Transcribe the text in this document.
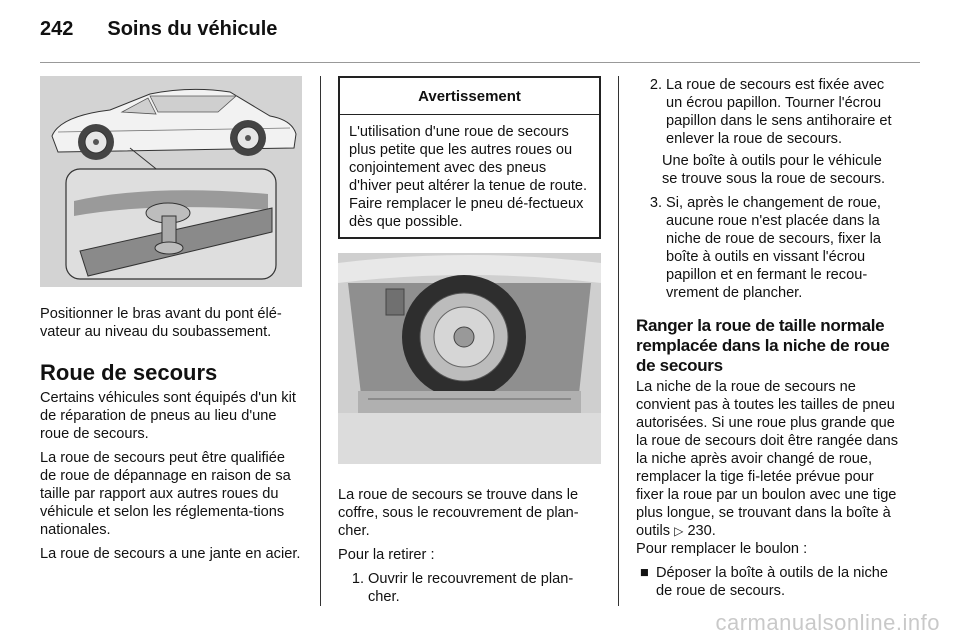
242 Soins du véhicule

Positionner le bras avant du pont élé-vateur au niveau du soubassement.

Roue de secours

Certains véhicules sont équipés d'un kit de réparation de pneus au lieu d'une roue de secours.

La roue de secours peut être qualifiée de roue de dépannage en raison de sa taille par rapport aux autres roues du véhicule et selon les réglementa-tions nationales.

La roue de secours a une jante en acier.

Avertissement
L'utilisation d'une roue de secours plus petite que les autres roues ou conjointement avec des pneus d'hiver peut altérer la tenue de route. Faire remplacer le pneu dé-fectueux dès que possible.

La roue de secours se trouve dans le coffre, sous le recouvrement de plan-cher.

Pour la retirer :

1. Ouvrir le recouvrement de plan-cher.
2. La roue de secours est fixée avec un écrou papillon. Tourner l'écrou papillon dans le sens antihoraire et enlever la roue de secours.

Une boîte à outils pour le véhicule se trouve sous la roue de secours.

3. Si, après le changement de roue, aucune roue n'est placée dans la niche de roue de secours, fixer la boîte à outils en vissant l'écrou papillon et en fermant le recou-vrement de plancher.
Ranger la roue de taille normale remplacée dans la niche de roue de secours

La niche de la roue de secours ne convient pas à toutes les tailles de pneu autorisées. Si une roue plus grande que la roue de secours doit être rangée dans la niche après avoir changé de roue, remplacer la tige fi-letée prévue pour fixer la roue par un boulon avec une tige plus longue, se trouvant dans la boîte à outils ▷ 230.

Pour remplacer le boulon :

■ Déposer la boîte à outils de la niche de roue de secours.
carmanualsonline.info
